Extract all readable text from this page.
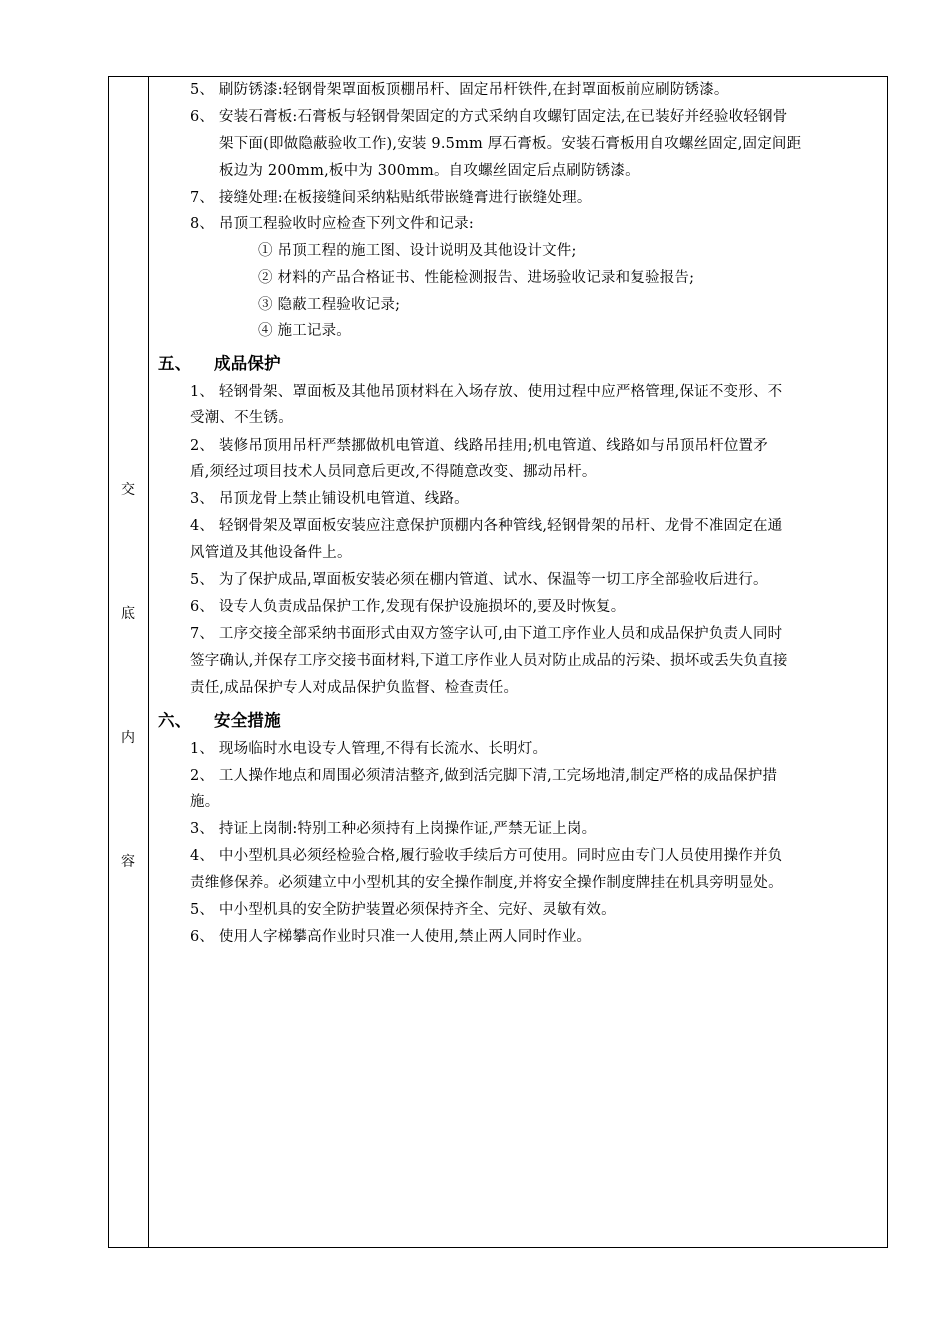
交
底
内
容
5、 刷防锈漆:轻钢骨架罩面板顶棚吊杆、固定吊杆铁件,在封罩面板前应刷防锈漆。
6、 安装石膏板:石膏板与轻钢骨架固定的方式采纳自攻螺钉固定法,在已装好并经验收轻钢骨
架下面(即做隐蔽验收工作),安装 9.5mm 厚石膏板。安装石膏板用自攻螺丝固定,固定间距
板边为 200mm,板中为 300mm。自攻螺丝固定后点刷防锈漆。
7、 接缝处理:在板接缝间采纳粘贴纸带嵌缝膏进行嵌缝处理。
8、 吊顶工程验收时应检查下列文件和记录:
① 吊顶工程的施工图、设计说明及其他设计文件;
② 材料的产品合格证书、性能检测报告、进场验收记录和复验报告;
③ 隐蔽工程验收记录;
④ 施工记录。
五、 成品保护
1、 轻钢骨架、罩面板及其他吊顶材料在入场存放、使用过程中应严格管理,保证不变形、不
受潮、不生锈。
2、 装修吊顶用吊杆严禁挪做机电管道、线路吊挂用;机电管道、线路如与吊顶吊杆位置矛
盾,须经过项目技术人员同意后更改,不得随意改变、挪动吊杆。
3、 吊顶龙骨上禁止铺设机电管道、线路。
4、 轻钢骨架及罩面板安装应注意保护顶棚内各种管线,轻钢骨架的吊杆、龙骨不准固定在通
风管道及其他设备件上。
5、 为了保护成品,罩面板安装必须在棚内管道、试水、保温等一切工序全部验收后进行。
6、 设专人负责成品保护工作,发现有保护设施损坏的,要及时恢复。
7、 工序交接全部采纳书面形式由双方签字认可,由下道工序作业人员和成品保护负责人同时
签字确认,并保存工序交接书面材料,下道工序作业人员对防止成品的污染、损坏或丢失负直接
责任,成品保护专人对成品保护负监督、检查责任。
六、 安全措施
1、 现场临时水电设专人管理,不得有长流水、长明灯。
2、 工人操作地点和周围必须清洁整齐,做到活完脚下清,工完场地清,制定严格的成品保护措
施。
3、 持证上岗制:特别工种必须持有上岗操作证,严禁无证上岗。
4、 中小型机具必须经检验合格,履行验收手续后方可使用。同时应由专门人员使用操作并负
责维修保养。必须建立中小型机其的安全操作制度,并将安全操作制度牌挂在机具旁明显处。
5、 中小型机具的安全防护装置必须保持齐全、完好、灵敏有效。
6、 使用人字梯攀高作业时只准一人使用,禁止两人同时作业。
